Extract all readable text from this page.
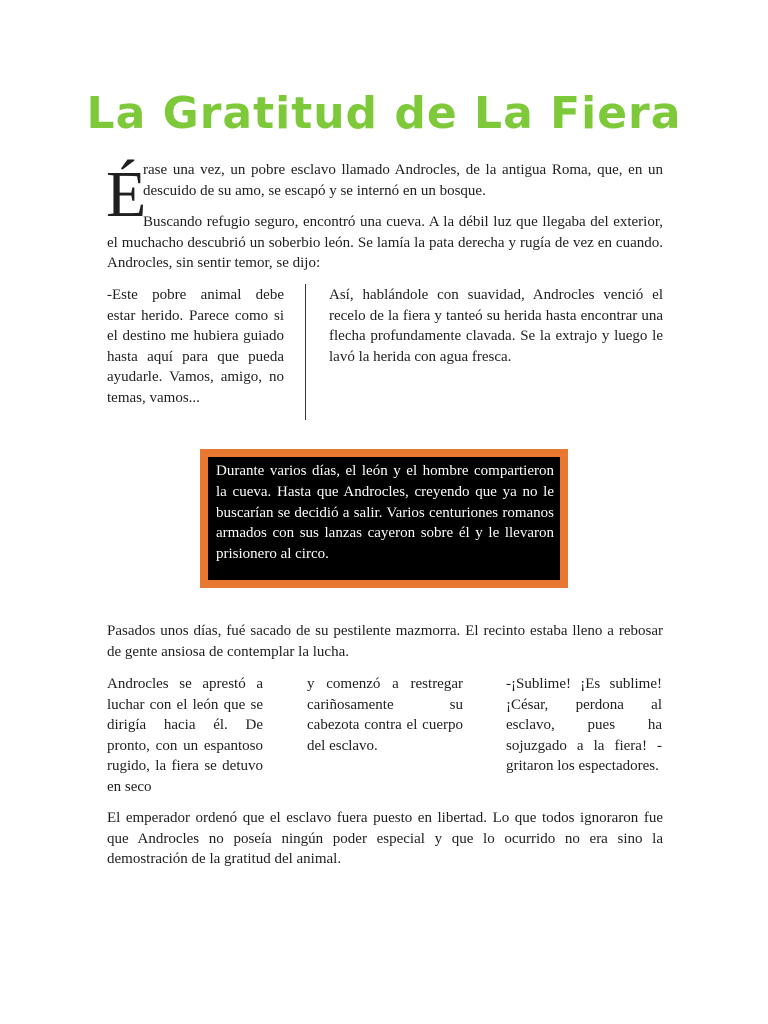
La Gratitud de La Fiera
É

rase una vez, un pobre esclavo llamado Androcles, de la antigua Roma, que, en un descuido de su amo, se escapó y se internó en un bosque.

Buscando refugio seguro, encontró una cueva. A la débil luz que llegaba del exterior, el muchacho descubrió un soberbio león. Se lamía la pata derecha y rugía de vez en cuando. Androcles, sin sentir temor, se dijo:

-Este pobre animal debe estar herido. Parece como si el destino me hubiera guiado hasta aquí para que pueda ayudarle. Vamos, amigo, no temas, vamos...

Así, hablándole con suavidad, Androcles venció el recelo de la fiera y tanteó su herida hasta encontrar una flecha profundamente clavada. Se la extrajo y luego le lavó la herida con agua fresca.

Durante varios días, el león y el hombre compartieron la cueva. Hasta que Androcles, creyendo que ya no le buscarían se decidió a salir. Varios centuriones romanos armados con sus lanzas cayeron sobre él y le llevaron prisionero al circo.

Pasados unos días, fué sacado de su pestilente mazmorra. El recinto estaba lleno a rebosar de gente ansiosa de contemplar la lucha.

Androcles se aprestó a luchar con el león que se dirigía hacia él. De pronto, con un espantoso rugido, la fiera se detuvo en seco

y comenzó a restregar cariñosamente su cabezota contra el cuerpo del esclavo.

-¡Sublime! ¡Es sublime! ¡César, perdona al esclavo, pues ha sojuzgado a la fiera! - gritaron los espectadores.

El emperador ordenó que el esclavo fuera puesto en libertad. Lo que todos ignoraron fue que Androcles no poseía ningún poder especial y que lo ocurrido no era sino la demostración de la gratitud del animal.
